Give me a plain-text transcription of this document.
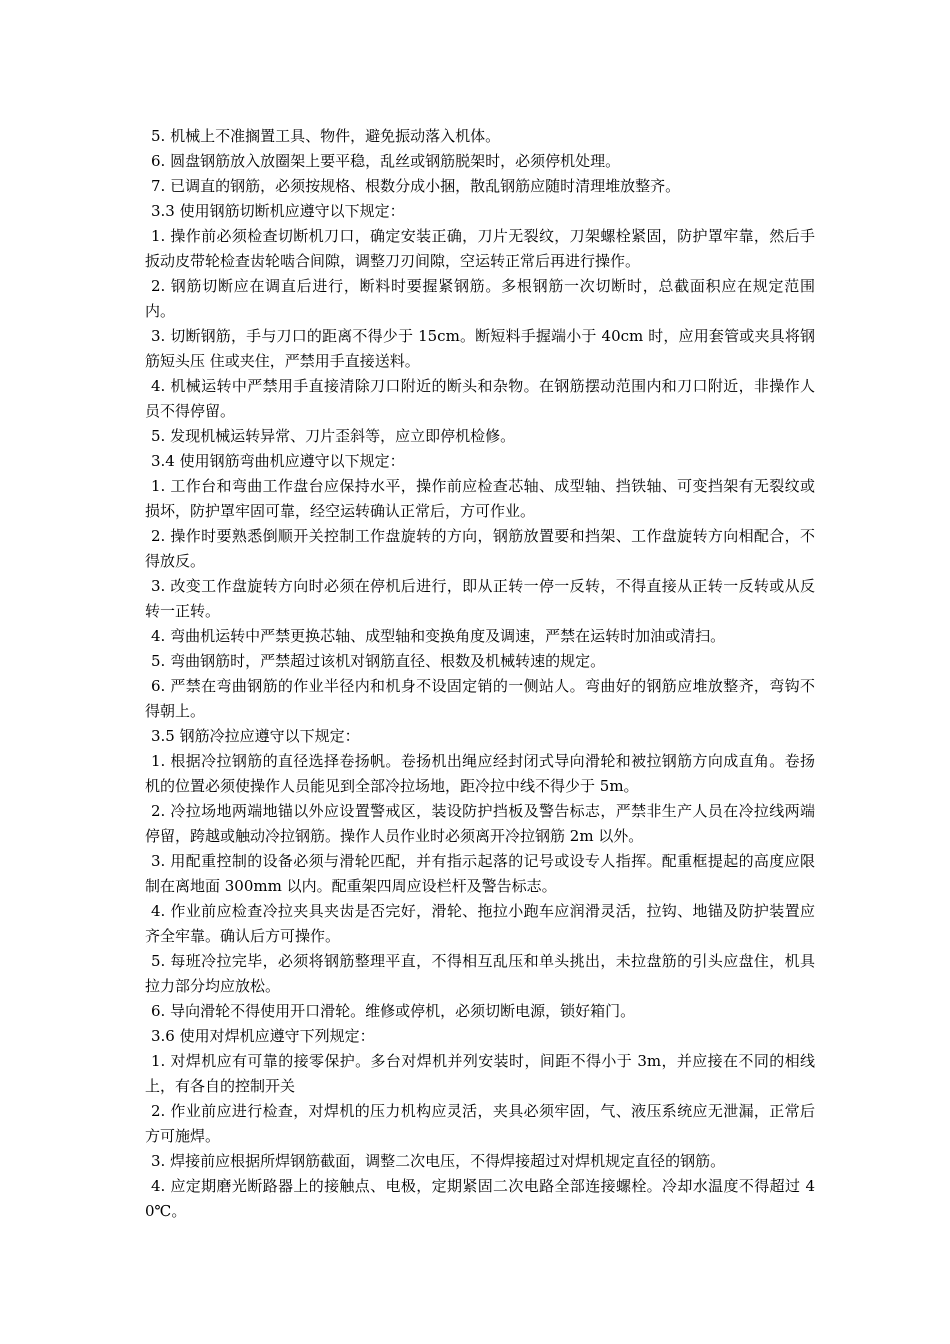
5. 机械上不准搁置工具、物件，避免振动落入机体。

6. 圆盘钢筋放入放圈架上要平稳，乱丝或钢筋脱架时，必须停机处理。

7. 已调直的钢筋，必须按规格、根数分成小捆，散乱钢筋应随时清理堆放整齐。

3.3 使用钢筋切断机应遵守以下规定：

1. 操作前必须检查切断机刀口，确定安装正确，刀片无裂纹，刀架螺栓紧固，防护罩牢靠，然后手扳动皮带轮检查齿轮啮合间隙，调整刀刃间隙，空运转正常后再进行操作。

2. 钢筋切断应在调直后进行，断料时要握紧钢筋。多根钢筋一次切断时，总截面积应在规定范围内。

3. 切断钢筋，手与刀口的距离不得少于 15cm。断短料手握端小于 40cm 时，应用套管或夹具将钢筋短头压 住或夹住，严禁用手直接送料。

4. 机械运转中严禁用手直接清除刀口附近的断头和杂物。在钢筋摆动范围内和刀口附近，非操作人员不得停留。

5. 发现机械运转异常、刀片歪斜等，应立即停机检修。

3.4 使用钢筋弯曲机应遵守以下规定：

1. 工作台和弯曲工作盘台应保持水平，操作前应检查芯轴、成型轴、挡铁轴、可变挡架有无裂纹或损坏，防护罩牢固可靠，经空运转确认正常后，方可作业。

2. 操作时要熟悉倒顺开关控制工作盘旋转的方向，钢筋放置要和挡架、工作盘旋转方向相配合，不得放反。

3. 改变工作盘旋转方向时必须在停机后进行，即从正转一停一反转，不得直接从正转一反转或从反转一正转。

4. 弯曲机运转中严禁更换芯轴、成型轴和变换角度及调速，严禁在运转时加油或清扫。

5. 弯曲钢筋时，严禁超过该机对钢筋直径、根数及机械转速的规定。

6. 严禁在弯曲钢筋的作业半径内和机身不设固定销的一侧站人。弯曲好的钢筋应堆放整齐，弯钩不得朝上。

3.5 钢筋冷拉应遵守以下规定：

1. 根据冷拉钢筋的直径选择卷扬帆。卷扬机出绳应经封闭式导向滑轮和被拉钢筋方向成直角。卷扬机的位置必须使操作人员能见到全部冷拉场地，距冷拉中线不得少于 5m。

2. 冷拉场地两端地锚以外应设置警戒区，装设防护挡板及警告标志，严禁非生产人员在冷拉线两端停留，跨越或触动冷拉钢筋。操作人员作业时必须离开冷拉钢筋 2m 以外。

3. 用配重控制的设备必须与滑轮匹配，并有指示起落的记号或设专人指挥。配重框提起的高度应限制在离地面 300mm 以内。配重架四周应设栏杆及警告标志。

4. 作业前应检查冷拉夹具夹齿是否完好，滑轮、拖拉小跑车应润滑灵活，拉钩、地锚及防护装置应齐全牢靠。确认后方可操作。

5. 每班冷拉完毕，必须将钢筋整理平直，不得相互乱压和单头挑出，未拉盘筋的引头应盘住，机具拉力部分均应放松。

6. 导向滑轮不得使用开口滑轮。维修或停机，必须切断电源，锁好箱门。

3.6 使用对焊机应遵守下列规定：

1. 对焊机应有可靠的接零保护。多台对焊机并列安装时，间距不得小于 3m，并应接在不同的相线上，有各自的控制开关

2. 作业前应进行检查，对焊机的压力机构应灵活，夹具必须牢固，气、液压系统应无泄漏，正常后方可施焊。

3. 焊接前应根据所焊钢筋截面，调整二次电压，不得焊接超过对焊机规定直径的钢筋。

4. 应定期磨光断路器上的接触点、电极，定期紧固二次电路全部连接螺栓。冷却水温度不得超过 40℃。
